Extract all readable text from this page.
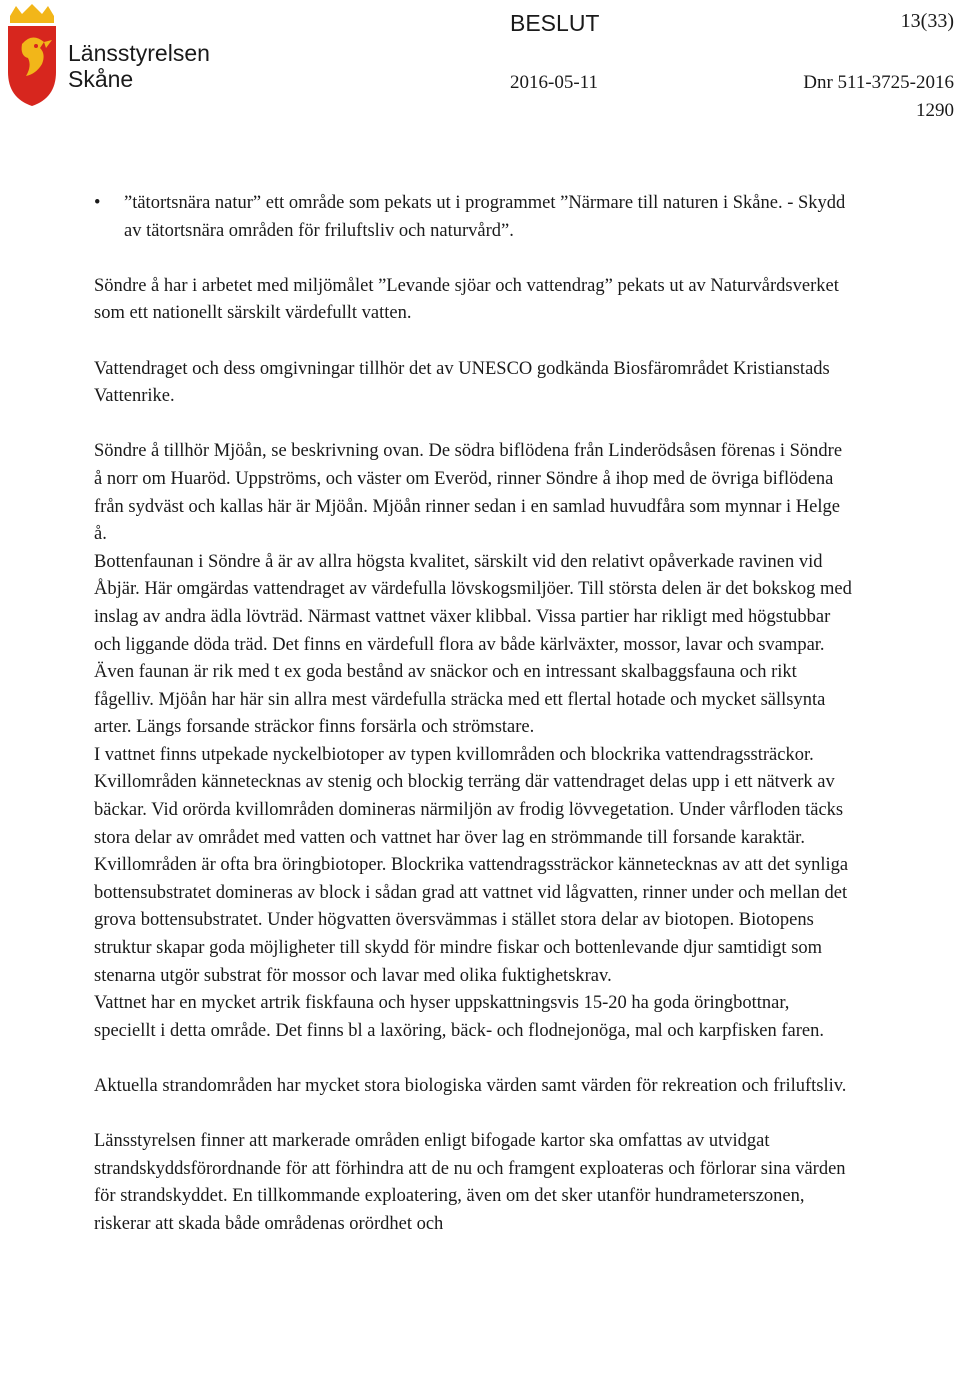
Länsstyrelsen
Skåne
BESLUT	13(33)
2016-05-11	Dnr 511-3725-2016
1290
• ”tätortsnära natur” ett område som pekats ut i programmet ”Närmare till naturen i Skåne. - Skydd av tätortsnära områden för friluftsliv och naturvård”.

Söndre å har i arbetet med miljömålet ”Levande sjöar och vattendrag” pekats ut av Naturvårdsverket som ett nationellt särskilt värdefullt vatten.

Vattendraget och dess omgivningar tillhör det av UNESCO godkända Biosfärområdet Kristianstads Vattenrike.

Söndre å tillhör Mjöån, se beskrivning ovan. De södra biflödena från Linderödsåsen förenas i Söndre å norr om Huaröd. Uppströms, och väster om Everöd, rinner Söndre å ihop med de övriga biflödena från sydväst och kallas här är Mjöån. Mjöån rinner sedan i en samlad huvudfåra som mynnar i Helge å.

Bottenfaunan i Söndre å är av allra högsta kvalitet, särskilt vid den relativt opåverkade ravinen vid Åbjär. Här omgärdas vattendraget av värdefulla lövskogsmiljöer. Till största delen är det bokskog med inslag av andra ädla lövträd. Närmast vattnet växer klibbal. Vissa partier har rikligt med högstubbar och liggande döda träd. Det finns en värdefull flora av både kärlväxter, mossor, lavar och svampar. Även faunan är rik med t ex goda bestånd av snäckor och en intressant skalbaggsfauna och rikt fågelliv. Mjöån har här sin allra mest värdefulla sträcka med ett flertal hotade och mycket sällsynta arter. Längs forsande sträckor finns forsärla och strömstare.

I vattnet finns utpekade nyckelbiotoper av typen kvillområden och blockrika vattendragssträckor. Kvillområden kännetecknas av stenig och blockig terräng där vattendraget delas upp i ett nätverk av bäckar. Vid orörda kvillområden domineras närmiljön av frodig lövvegetation. Under vårfloden täcks stora delar av området med vatten och vattnet har över lag en strömmande till forsande karaktär. Kvillområden är ofta bra öringbiotoper. Blockrika vattendragssträckor kännetecknas av att det synliga bottensubstratet domineras av block i sådan grad att vattnet vid lågvatten, rinner under och mellan det grova bottensubstratet. Under högvatten översvämmas i stället stora delar av biotopen. Biotopens struktur skapar goda möjligheter till skydd för mindre fiskar och bottenlevande djur samtidigt som stenarna utgör substrat för mossor och lavar med olika fuktighetskrav.

Vattnet har en mycket artrik fiskfauna och hyser uppskattningsvis 15-20 ha goda öringbottnar, speciellt i detta område. Det finns bl a laxöring, bäck- och flodnejonöga, mal och karpfisken faren.

Aktuella strandområden har mycket stora biologiska värden samt värden för rekreation och friluftsliv.

Länsstyrelsen finner att markerade områden enligt bifogade kartor ska omfattas av utvidgat strandskyddsförordnande för att förhindra att de nu och framgent exploateras och förlorar sina värden för strandskyddet. En tillkommande exploatering, även om det sker utanför hundrameterszonen, riskerar att skada både områdenas orördhet och
